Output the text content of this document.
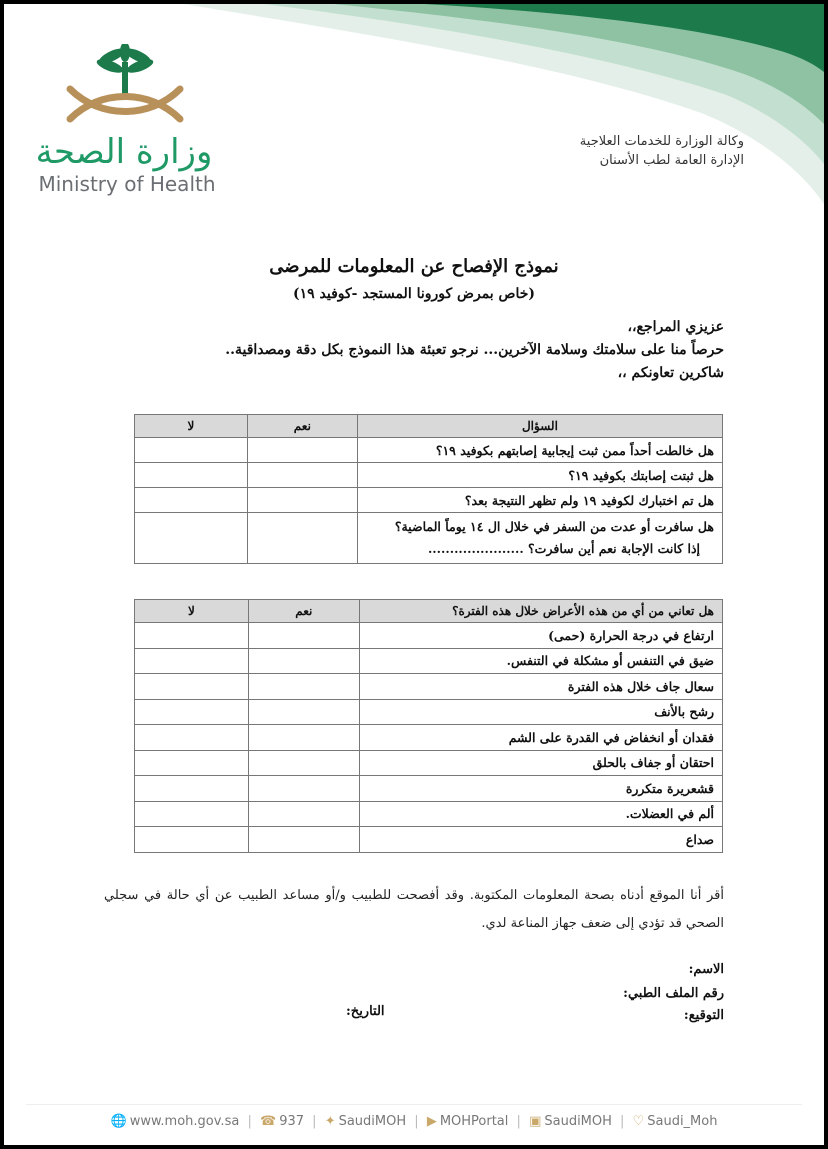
وزارة الصحة
Ministry of Health
وكالة الوزارة للخدمات العلاجية
الإدارة العامة لطب الأسنان
نموذج الإفصاح عن المعلومات للمرضى
(خاص بمرض كورونا المستجد -كوفيد ١٩)
عزيزي المراجع،،
حرصاً منا على سلامتك وسلامة الآخرين... نرجو تعبئة هذا النموذج بكل دقة ومصداقية..
شاكرين تعاونكم ،،
السؤال	نعم	لا
هل خالطت أحداً ممن ثبت إيجابية إصابتهم بكوفيد ١٩؟		
هل ثبتت إصابتك بكوفيد ١٩؟		
هل تم اختبارك لكوفيد ١٩ ولم تظهر النتيجة بعد؟		

هل سافرت أو عدت من السفر في خلال ال ١٤ يوماً الماضية؟
إذا كانت الإجابة نعم أين سافرت؟ ......................		

هل تعاني من أي من هذه الأعراض خلال هذه الفترة؟	نعم	لا
ارتفاع في درجة الحرارة (حمى)		
ضيق في التنفس أو مشكلة في التنفس.		
سعال جاف خلال هذه الفترة		
رشح بالأنف		
فقدان أو انخفاض في القدرة على الشم		
احتقان أو جفاف بالحلق		
قشعريرة متكررة		
ألم في العضلات.		
صداع		
أقر أنا الموقع أدناه بصحة المعلومات المكتوبة. وقد أفصحت للطبيب و/أو مساعد الطبيب عن أي حالة في سجلي الصحي قد تؤدي إلى ضعف جهاز المناعة لدي.
الاسم:
رقم الملف الطبي:
التوقيع:
التاريخ:
🌐 www.moh.gov.sa | ☎ 937 | ✦ SaudiMOH | ▶ MOHPortal | ▣ SaudiMOH | ♡ Saudi_Moh
